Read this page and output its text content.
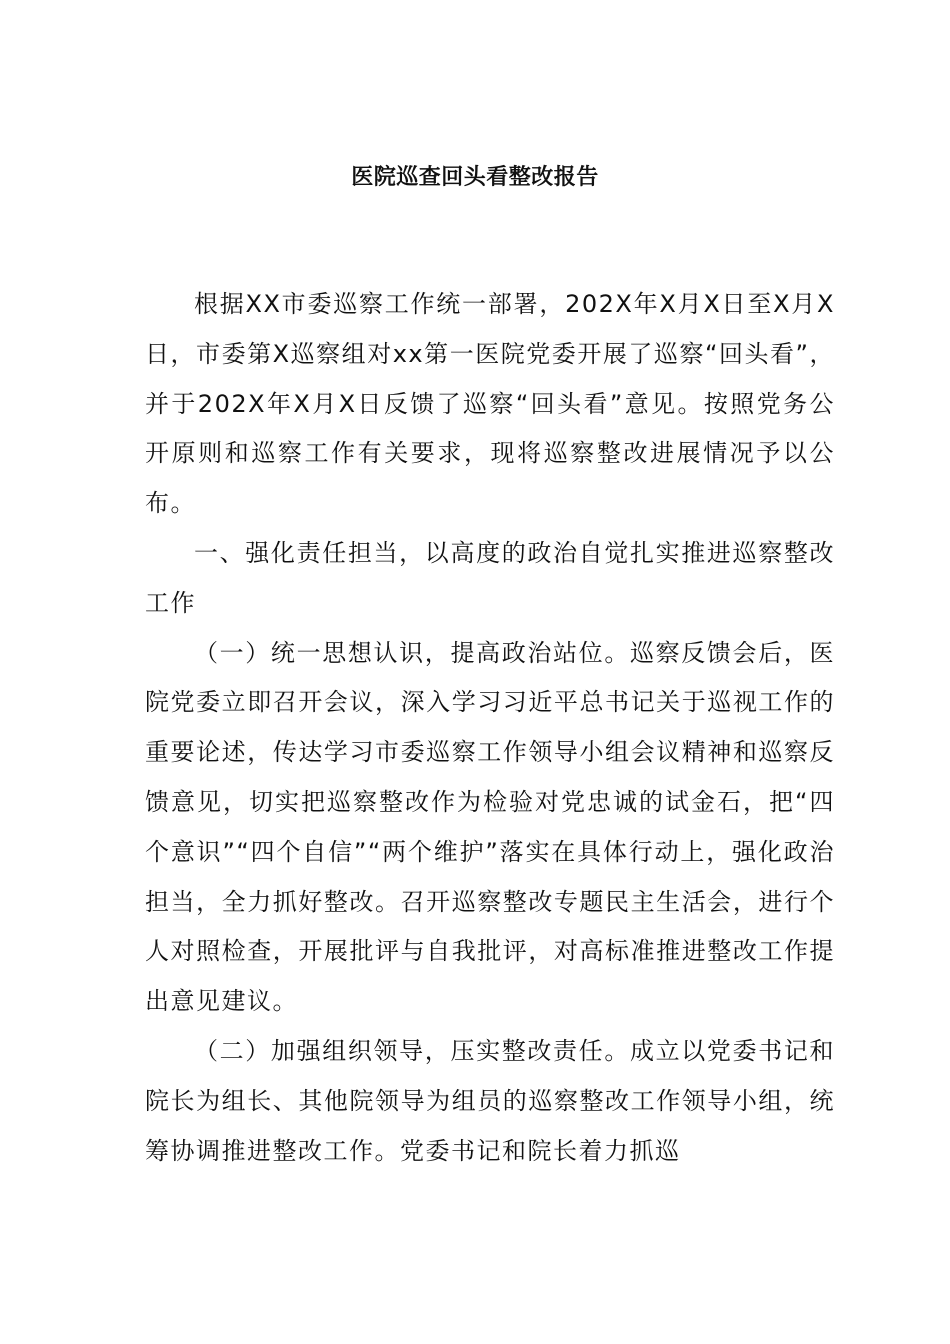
医院巡查回头看整改报告

根据XX市委巡察工作统一部署，202X年X月X日至X月X日，市委第X巡察组对xx第一医院党委开展了巡察“回头看”，并于202X年X月X日反馈了巡察“回头看”意见。按照党务公开原则和巡察工作有关要求，现将巡察整改进展情况予以公布。

一、强化责任担当，以高度的政治自觉扎实推进巡察整改工作

（一）统一思想认识，提高政治站位。巡察反馈会后，医院党委立即召开会议，深入学习习近平总书记关于巡视工作的重要论述，传达学习市委巡察工作领导小组会议精神和巡察反馈意见，切实把巡察整改作为检验对党忠诚的试金石，把“四个意识”“四个自信”“两个维护”落实在具体行动上，强化政治担当，全力抓好整改。召开巡察整改专题民主生活会，进行个人对照检查，开展批评与自我批评，对高标准推进整改工作提出意见建议。

（二）加强组织领导，压实整改责任。成立以党委书记和院长为组长、其他院领导为组员的巡察整改工作领导小组，统筹协调推进整改工作。党委书记和院长着力抓巡
